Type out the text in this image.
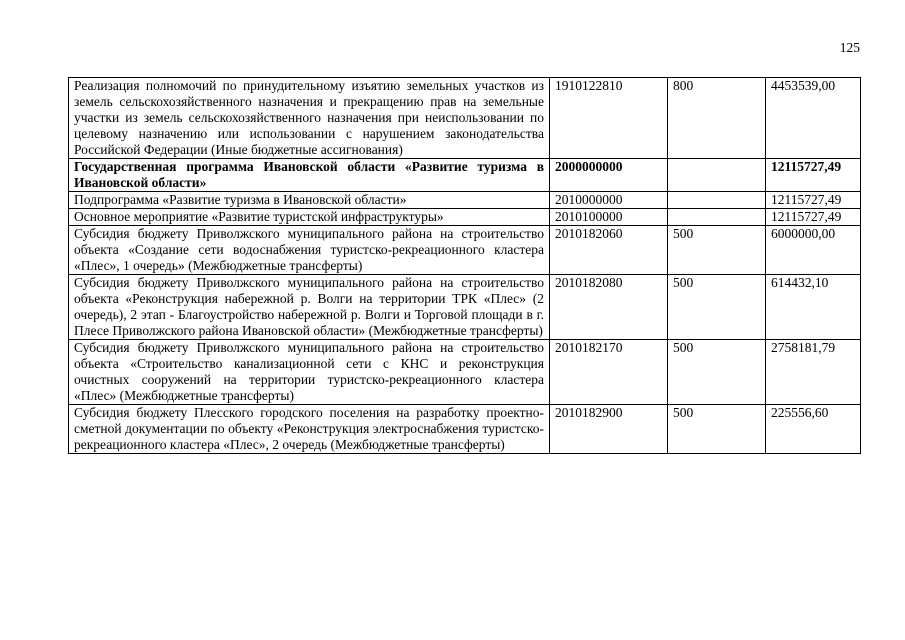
125
Реализация полномочий по принудительному изъятию земельных участков из земель сельскохозяйственного назначения и прекращению прав на земельные участки из земель сельскохозяйственного назначения при неиспользовании по целевому назначению или использовании с нарушением законодательства Российской Федерации (Иные бюджетные ассигнования)	1910122810	800	4453539,00

Государственная программа Ивановской области «Развитие туризма в Ивановской области»	2000000000		12115727,49

Подпрограмма «Развитие туризма в Ивановской области»	2010000000		12115727,49

Основное мероприятие «Развитие туристской инфраструктуры»	2010100000		12115727,49

Субсидия бюджету Приволжского муниципального района на строительство объекта «Создание сети водоснабжения туристско-рекреационного кластера «Плес», 1 очередь» (Межбюджетные трансферты)	2010182060	500	6000000,00

Субсидия бюджету Приволжского муниципального района на строительство объекта «Реконструкция набережной р. Волги на территории ТРК «Плес» (2 очередь), 2 этап - Благоустройство набережной р. Волги и Торговой площади в г. Плесе Приволжского района Ивановской области» (Межбюджетные трансферты)	2010182080	500	614432,10

Субсидия бюджету Приволжского муниципального района на строительство объекта «Строительство канализационной сети с КНС и реконструкция очистных сооружений на территории туристско-рекреационного кластера «Плес» (Межбюджетные трансферты)	2010182170	500	2758181,79

Субсидия бюджету Плесского городского поселения на разработку проектно-сметной документации по объекту «Реконструкция электроснабжения туристско-рекреационного кластера «Плес», 2 очередь (Межбюджетные трансферты)	2010182900	500	225556,60
